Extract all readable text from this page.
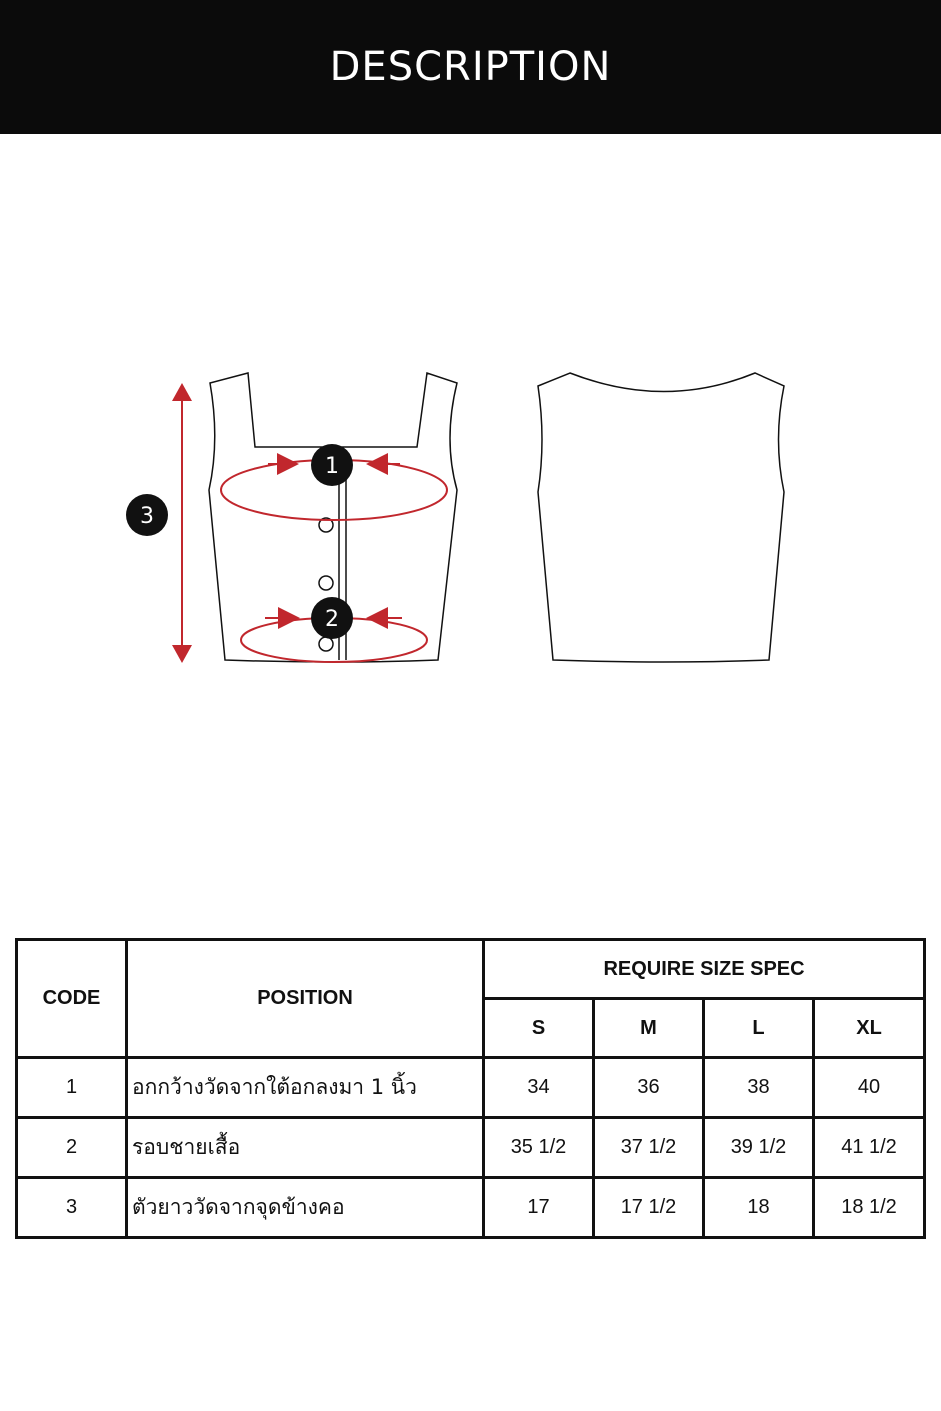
DESCRIPTION
1
2
3
CODE	POSITION	REQUIRE SIZE SPEC			
		S	M	L	XL
1	อกกว้างวัดจากใต้อกลงมา 1 นิ้ว	34	36	38	40
2	รอบชายเสื้อ	35 1/2	37 1/2	39 1/2	41 1/2
3	ตัวยาววัดจากจุดข้างคอ	17	17 1/2	18	18 1/2
